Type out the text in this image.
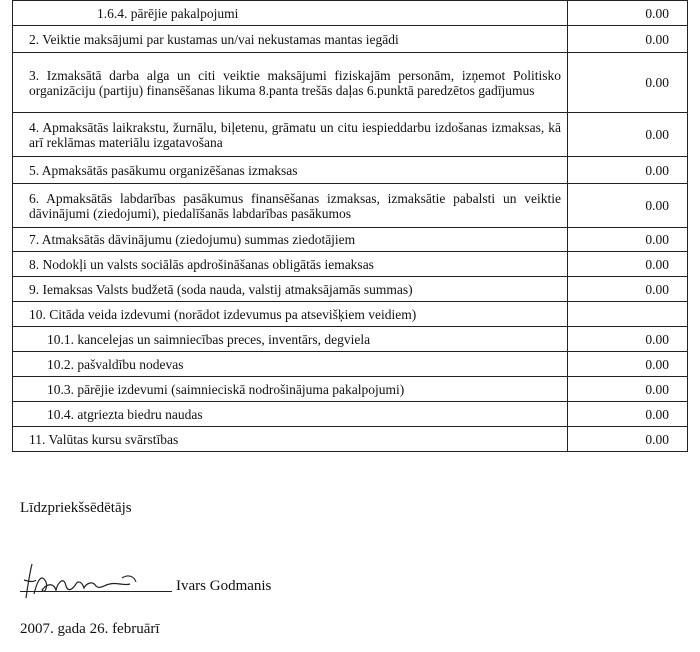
1.6.4. pārējie pakalpojumi	0.00
2. Veiktie maksājumi par kustamas un/vai nekustamas mantas iegādi	0.00
3. Izmaksātā darba alga un citi veiktie maksājumi fiziskajām personām, izņemot Politisko organizāciju (partiju) finansēšanas likuma 8.panta trešās daļas 6.punktā paredzētos gadījumus	0.00
4. Apmaksātās laikrakstu, žurnālu, biļetenu, grāmatu un citu iespieddarbu izdošanas izmaksas, kā arī reklāmas materiālu izgatavošana	0.00
5. Apmaksātās pasākumu organizēšanas izmaksas	0.00
6. Apmaksātās labdarības pasākumus finansēšanas izmaksas, izmaksātie pabalsti un veiktie dāvinājumi (ziedojumi), piedalīšanās labdarības pasākumos	0.00
7. Atmaksātās dāvinājumu (ziedojumu) summas ziedotājiem	0.00
8. Nodokļi un valsts sociālās apdrošināšanas obligātās iemaksas	0.00
9. Iemaksas Valsts budžetā (soda nauda, valstij atmaksājamās summas)	0.00
10. Citāda veida izdevumi (norādot izdevumus pa atsevišķiem veidiem)	
10.1. kancelejas un saimniecības preces, inventārs, degviela	0.00
10.2. pašvaldību nodevas	0.00
10.3. pārējie izdevumi (saimnieciskā nodrošinājuma pakalpojumi)	0.00
10.4. atgriezta biedru naudas	0.00
11. Valūtas kursu svārstības	0.00
Līdzpriekšsēdētājs
Ivars Godmanis
2007. gada 26. februārī
